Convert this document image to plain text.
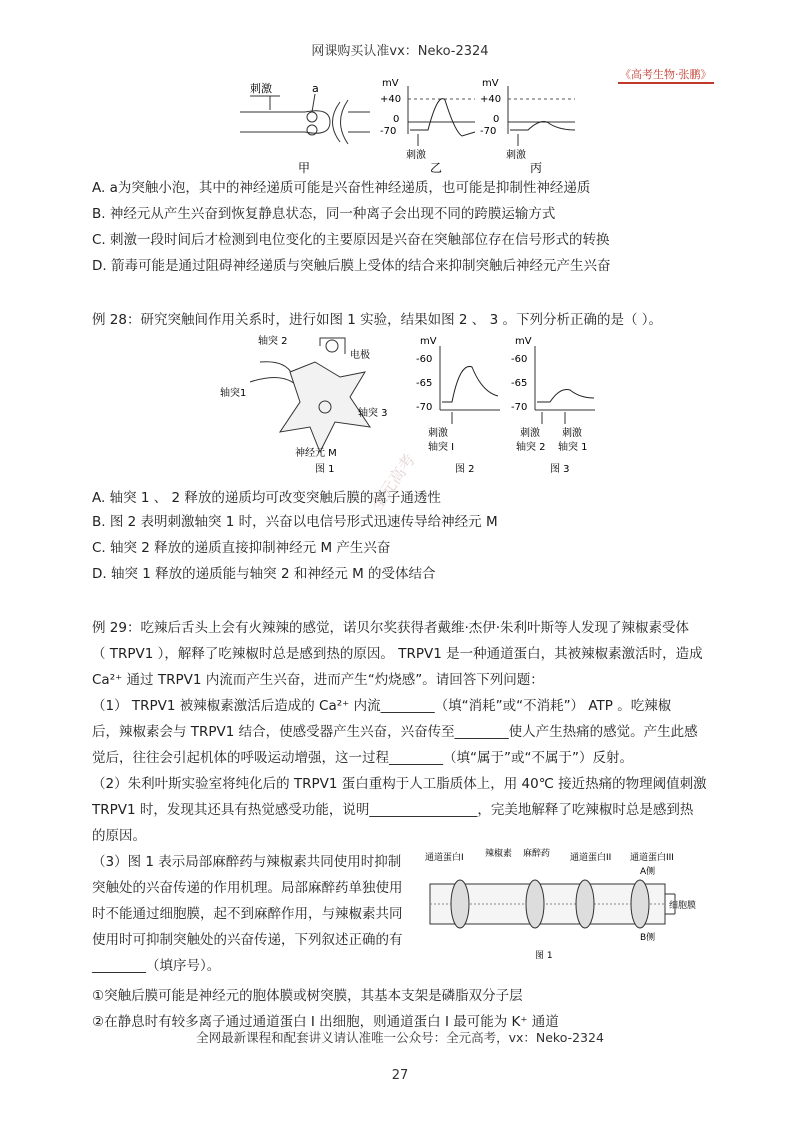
网课购买认准vx：Neko-2324
《高考生物·张鹏》
刺激	a
甲
mV
+40
0
-70
刺激
乙
mV
+40
0
-70
刺激
丙
A. a为突触小泡，其中的神经递质可能是兴奋性神经递质，也可能是抑制性神经递质
B. 神经元从产生兴奋到恢复静息状态，同一种离子会出现不同的跨膜运输方式
C. 刺激一段时间后才检测到电位变化的主要原因是兴奋在突触部位存在信号形式的转换
D. 箭毒可能是通过阻碍神经递质与突触后膜上受体的结合来抑制突触后神经元产生兴奋
例 28：研究突触间作用关系时，进行如图 1 实验，结果如图 2 、 3 。下列分析正确的是（ ）。
轴突 2
电极
轴突1
轴突 3
神经元 M
图 1
mV
-60
-65
-70
刺激
轴突 I
图 2
mV
-60
-65
-70
刺激 刺激
轴突 2 轴突 1
图 3
A. 轴突 1 、 2 释放的递质均可改变突触后膜的离子通透性
B. 图 2 表明刺激轴突 1 时，兴奋以电信号形式迅速传导给神经元 M
C. 轴突 2 释放的递质直接抑制神经元 M 产生兴奋
D. 轴突 1 释放的递质能与轴突 2 和神经元 M 的受体结合
全元高考
例 29：吃辣后舌头上会有火辣辣的感觉，诺贝尔奖获得者戴维·杰伊·朱利叶斯等人发现了辣椒素受体
（ TRPV1 ），解释了吃辣椒时总是感到热的原因。 TRPV1 是一种通道蛋白，其被辣椒素激活时，造成
Ca²⁺ 通过 TRPV1 内流而产生兴奋，进而产生“灼烧感”。请回答下列问题：
（1） TRPV1 被辣椒素激活后造成的 Ca²⁺ 内流________（填“消耗”或“不消耗”） ATP 。吃辣椒
后，辣椒素会与 TRPV1 结合，使感受器产生兴奋，兴奋传至________使人产生热痛的感觉。产生此感
觉后，往往会引起机体的呼吸运动增强，这一过程________（填“属于”或“不属于”）反射。
（2）朱利叶斯实验室将纯化后的 TRPV1 蛋白重构于人工脂质体上，用 40℃ 接近热痛的物理阈值刺激
TRPV1 时，发现其还具有热觉感受功能，说明________________，完美地解释了吃辣椒时总是感到热
的原因。
（3）图 1 表示局部麻醉药与辣椒素共同使用时抑制
突触处的兴奋传递的作用机理。局部麻醉药单独使用
时不能通过细胞膜，起不到麻醉作用，与辣椒素共同
使用时可抑制突触处的兴奋传递，下列叙述正确的有
________（填序号）。
通道蛋白I 辣椒素 麻醉药 通道蛋白II 通道蛋白III
A侧
细胞膜
B侧
图 1
①突触后膜可能是神经元的胞体膜或树突膜，其基本支架是磷脂双分子层
②在静息时有较多离子通过通道蛋白 I 出细胞，则通道蛋白 I 最可能为 K⁺ 通道
全网最新课程和配套讲义请认准唯一公众号：全元高考，vx：Neko-2324
27
